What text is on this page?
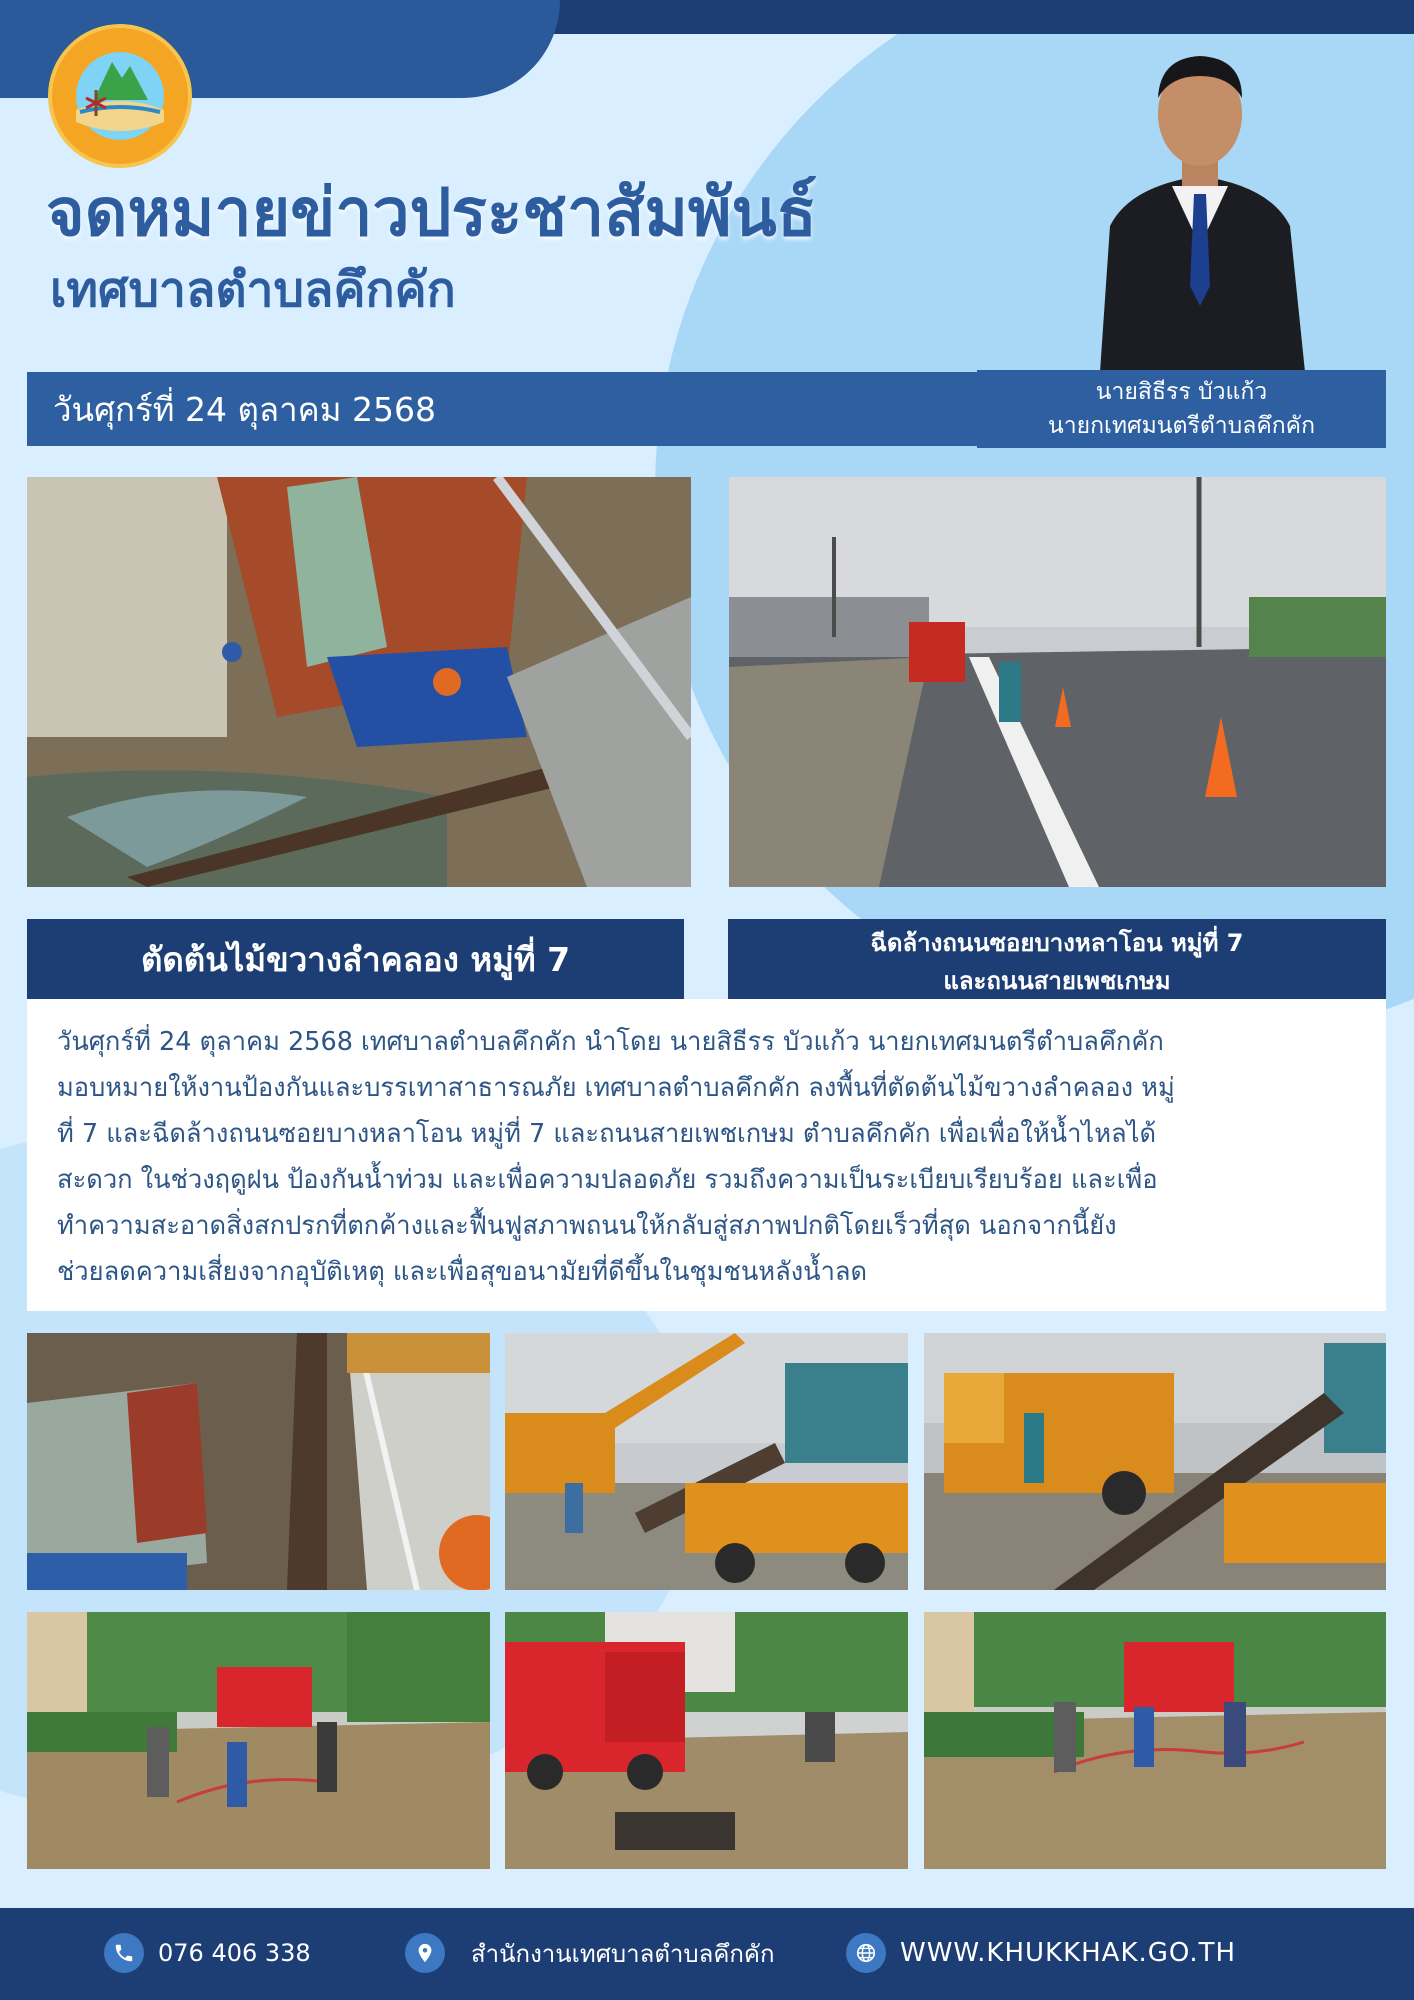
จดหมายข่าวประชาสัมพันธ์
เทศบาลตำบลคึกคัก
วันศุกร์ที่ 24 ตุลาคม 2568	นายสิธีรร บัวแก้ว
นายกเทศมนตรีตำบลคึกคัก
ตัดต้นไม้ขวางลำคลอง หมู่ที่ 7	ฉีดล้างถนนซอยบางหลาโอน หมู่ที่ 7
และถนนสายเพชเกษม
วันศุกร์ที่ 24 ตุลาคม 2568 เทศบาลตำบลคึกคัก นำโดย นายสิธีรร บัวแก้ว นายกเทศมนตรีตำบลคึกคัก
มอบหมายให้งานป้องกันและบรรเทาสาธารณภัย เทศบาลตำบลคึกคัก ลงพื้นที่ตัดต้นไม้ขวางลำคลอง หมู่
ที่ 7 และฉีดล้างถนนซอยบางหลาโอน หมู่ที่ 7 และถนนสายเพชเกษม ตำบลคึกคัก เพื่อเพื่อให้น้ำไหลได้
สะดวก ในช่วงฤดูฝน ป้องกันน้ำท่วม และเพื่อความปลอดภัย รวมถึงความเป็นระเบียบเรียบร้อย และเพื่อ
ทำความสะอาดสิ่งสกปรกที่ตกค้างและฟื้นฟูสภาพถนนให้กลับสู่สภาพปกติโดยเร็วที่สุด นอกจากนี้ยัง
ช่วยลดความเสี่ยงจากอุบัติเหตุ และเพื่อสุขอนามัยที่ดีขึ้นในชุมชนหลังน้ำลด
076 406 338	สำนักงานเทศบาลตำบลคึกคัก	WWW.KHUKKHAK.GO.TH
